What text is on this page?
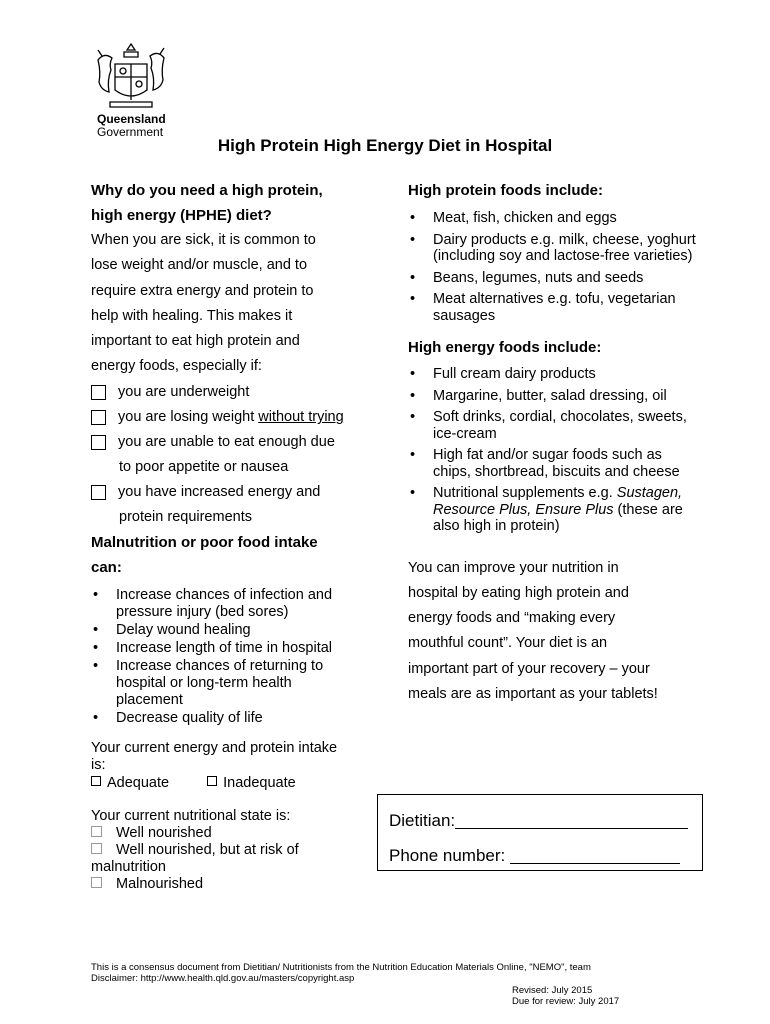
Queensland
Government
High Protein High Energy Diet in Hospital
Why do you need a high protein,
high energy (HPHE) diet?
When you are sick, it is common to
lose weight and/or muscle, and to
require extra energy and protein to
help with healing. This makes it
important to eat high protein and
energy foods, especially if:
you are underweight
you are losing weight without trying
you are unable to eat enough due
to poor appetite or nausea
you have increased energy and
protein requirements
Malnutrition or poor food intake
can:
• Increase chances of infection and pressure injury (bed sores)
• Delay wound healing
• Increase length of time in hospital
• Increase chances of returning to hospital or long-term health placement
• Decrease quality of life
Your current energy and protein intake
is:
Adequate	Inadequate
Your current nutritional state is:
Well nourished
Well nourished, but at risk of
malnutrition
Malnourished
High protein foods include:
• Meat, fish, chicken and eggs
• Dairy products e.g. milk, cheese, yoghurt (including soy and lactose-free varieties)
• Beans, legumes, nuts and seeds
• Meat alternatives e.g. tofu, vegetarian sausages
High energy foods include:
• Full cream dairy products
• Margarine, butter, salad dressing, oil
• Soft drinks, cordial, chocolates, sweets, ice-cream
• High fat and/or sugar foods such as chips, shortbread, biscuits and cheese
• Nutritional supplements e.g. Sustagen, Resource Plus, Ensure Plus (these are also high in protein)
You can improve your nutrition in
hospital by eating high protein and
energy foods and “making every
mouthful count”. Your diet is an
important part of your recovery – your
meals are as important as your tablets!
Dietitian:
Phone number:
This is a consensus document from Dietitian/ Nutritionists from the Nutrition Education Materials Online, "NEMO", team
Disclaimer: http://www.health.qld.gov.au/masters/copyright.asp
Revised: July 2015
Due for review: July 2017
